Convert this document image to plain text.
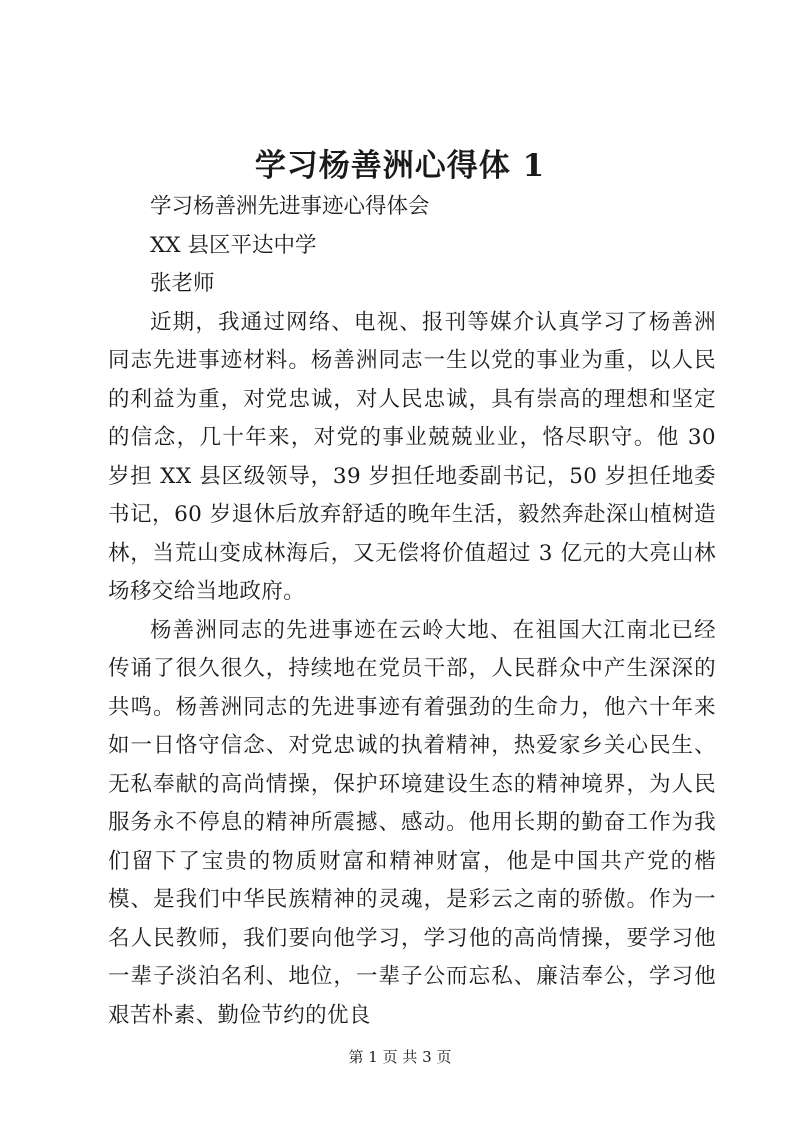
学习杨善洲心得体 1

学习杨善洲先进事迹心得体会

XX 县区平达中学

张老师

近期，我通过网络、电视、报刊等媒介认真学习了杨善洲同志先进事迹材料。杨善洲同志一生以党的事业为重，以人民的利益为重，对党忠诚，对人民忠诚，具有崇高的理想和坚定的信念，几十年来，对党的事业兢兢业业，恪尽职守。他 30 岁担 XX 县区级领导，39 岁担任地委副书记，50 岁担任地委书记，60 岁退休后放弃舒适的晚年生活，毅然奔赴深山植树造林，当荒山变成林海后，又无偿将价值超过 3 亿元的大亮山林场移交给当地政府。

杨善洲同志的先进事迹在云岭大地、在祖国大江南北已经传诵了很久很久，持续地在党员干部，人民群众中产生深深的共鸣。杨善洲同志的先进事迹有着强劲的生命力，他六十年来如一日恪守信念、对党忠诚的执着精神，热爱家乡关心民生、无私奉献的高尚情操，保护环境建设生态的精神境界，为人民服务永不停息的精神所震撼、感动。他用长期的勤奋工作为我们留下了宝贵的物质财富和精神财富，他是中国共产党的楷模、是我们中华民族精神的灵魂，是彩云之南的骄傲。作为一名人民教师，我们要向他学习，学习他的高尚情操，要学习他一辈子淡泊名利、地位，一辈子公而忘私、廉洁奉公，学习他艰苦朴素、勤俭节约的优良

第 1 页 共 3 页
